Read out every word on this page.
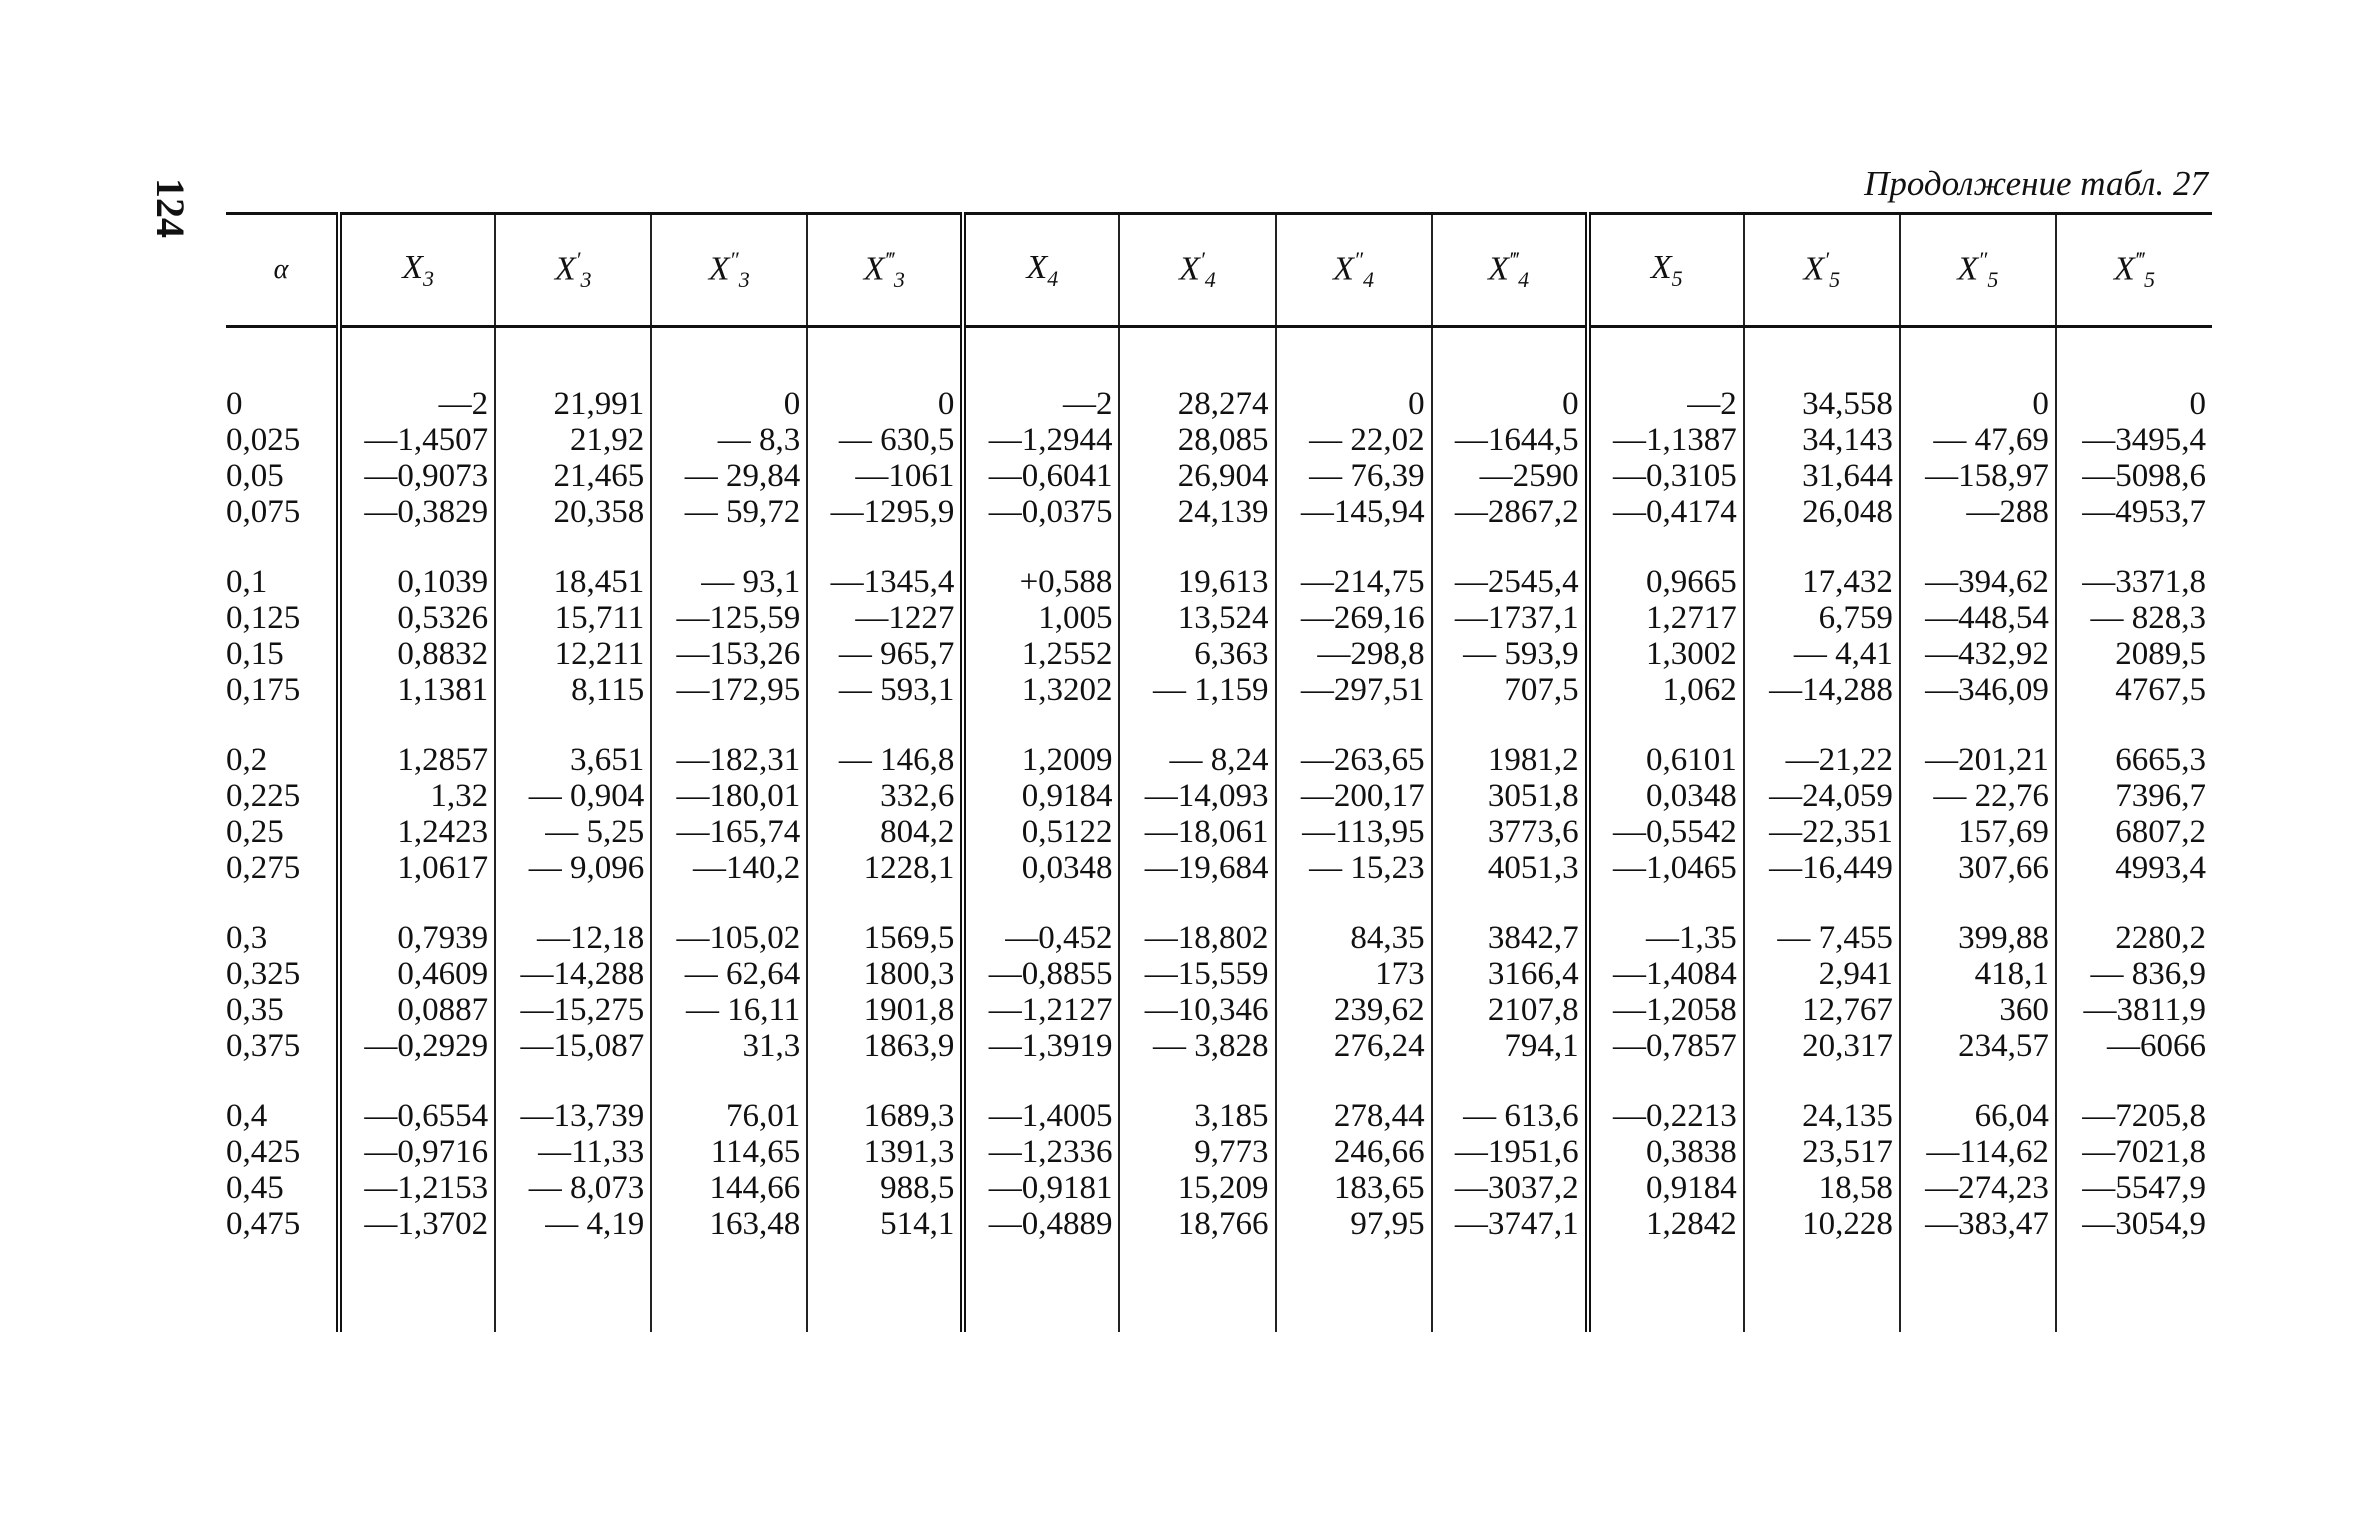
124	Продолжение табл. 27
α	$X_3$	$X'_3$	$X''_3$	$X^‴_3$	$X_4$	$X'_4$	$X''_4$	$X^‴_4$	$X_5$	$X'_5$	$X''_5$	$X^‴_5$

0	—2	21,991	0	0	—2	28,274	0	0	—2	34,558	0	0
0,025	—1,4507	21,92	— 8,3	— 630,5	—1,2944	28,085	— 22,02	—1644,5	—1,1387	34,143	— 47,69	—3495,4
0,05	—0,9073	21,465	— 29,84	—1061	—0,6041	26,904	— 76,39	—2590	—0,3105	31,644	—158,97	—5098,6
0,075	—0,3829	20,358	— 59,72	—1295,9	—0,0375	24,139	—145,94	—2867,2	—0,4174	26,048	—288	—4953,7

0,1	0,1039	18,451	— 93,1	—1345,4	+0,588	19,613	—214,75	—2545,4	0,9665	17,432	—394,62	—3371,8
0,125	0,5326	15,711	—125,59	—1227	1,005	13,524	—269,16	—1737,1	1,2717	6,759	—448,54	— 828,3
0,15	0,8832	12,211	—153,26	— 965,7	1,2552	6,363	—298,8	— 593,9	1,3002	— 4,41	—432,92	2089,5
0,175	1,1381	8,115	—172,95	— 593,1	1,3202	— 1,159	—297,51	707,5	1,062	—14,288	—346,09	4767,5

0,2	1,2857	3,651	—182,31	— 146,8	1,2009	— 8,24	—263,65	1981,2	0,6101	—21,22	—201,21	6665,3
0,225	1,32	— 0,904	—180,01	332,6	0,9184	—14,093	—200,17	3051,8	0,0348	—24,059	— 22,76	7396,7
0,25	1,2423	— 5,25	—165,74	804,2	0,5122	—18,061	—113,95	3773,6	—0,5542	—22,351	157,69	6807,2
0,275	1,0617	— 9,096	—140,2	1228,1	0,0348	—19,684	— 15,23	4051,3	—1,0465	—16,449	307,66	4993,4

0,3	0,7939	—12,18	—105,02	1569,5	—0,452	—18,802	84,35	3842,7	—1,35	— 7,455	399,88	2280,2
0,325	0,4609	—14,288	— 62,64	1800,3	—0,8855	—15,559	173	3166,4	—1,4084	2,941	418,1	— 836,9
0,35	0,0887	—15,275	— 16,11	1901,8	—1,2127	—10,346	239,62	2107,8	—1,2058	12,767	360	—3811,9
0,375	—0,2929	—15,087	31,3	1863,9	—1,3919	— 3,828	276,24	794,1	—0,7857	20,317	234,57	—6066

0,4	—0,6554	—13,739	76,01	1689,3	—1,4005	3,185	278,44	— 613,6	—0,2213	24,135	66,04	—7205,8
0,425	—0,9716	—11,33	114,65	1391,3	—1,2336	9,773	246,66	—1951,6	0,3838	23,517	—114,62	—7021,8
0,45	—1,2153	— 8,073	144,66	988,5	—0,9181	15,209	183,65	—3037,2	0,9184	18,58	—274,23	—5547,9
0,475	—1,3702	— 4,19	163,48	514,1	—0,4889	18,766	97,95	—3747,1	1,2842	10,228	—383,47	—3054,9
